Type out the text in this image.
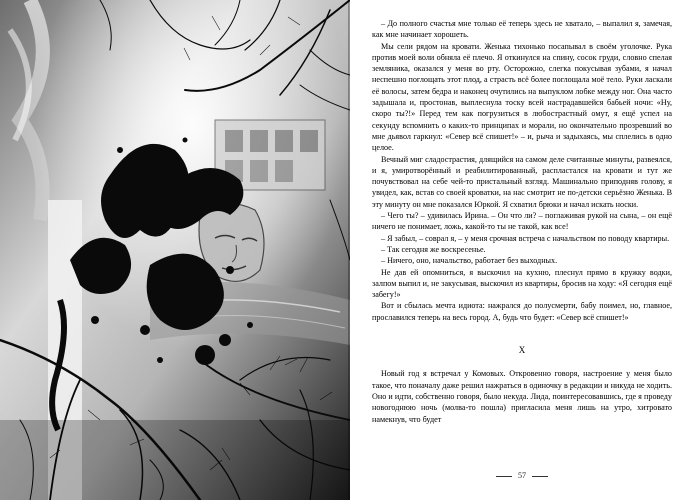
– До полного счастья мне только её теперь здесь не хватало, – выпалил я, замечая, как мне начинает хорошеть.

Мы сели рядом на кровати. Женька тихонько посапывал в своём уголочке. Рука против моей воли обняла её плечо. Я откинулся на спину, сосок груди, словно спелая земляника, оказался у меня во рту. Осторожно, слегка покусывая зубами, я начал неспешно поглощать этот плод, а страсть всё более поглощала моё тело. Руки ласкали её волосы, затем бедра и наконец очутились на выпуклом лобке между ног. Она часто задышала и, простонав, выплеснула тоску всей настрадавшейся бабьей ночи: «Ну, скоро ты?!» Перед тем как погрузиться в любострастный омут, я ещё успел на секунду вспомнить о каких-то принципах и морали, но окончательно прозревший во мне дьявол гаркнул: «Север всё спишет!» – и, рыча и задыхаясь, мы сплелись в одно целое.

Вечный миг сладострастия, длящийся на самом деле считанные минуты, развеялся, и я, умиротворённый и реабилитированный, распластался на кровати и тут же почувствовал на себе чей-то пристальный взгляд. Машинально приподняв голову, я увидел, как, встав со своей кроватки, на нас смотрит не по-детски серьёзно Женька. В эту минуту он мне показался Юркой. Я схватил брюки и начал искать носки.

– Чего ты? – удивилась Ирина. – Он что ли? – поглаживая рукой на сына, – он ещё ничего не понимает, ложь, какой-то ты не такой, как все!

– Я забыл, – соврал я, – у меня срочная встреча с начальством по поводу квартиры.

– Так сегодня же воскресенье.

– Ничего, оно, начальство, работает без выходных.

Не дав ей опомниться, я выскочил на кухню, плеснул прямо в кружку водки, залпом выпил и, не закусывая, выскочил из квартиры, бросив на ходу: «Я сегодня ещё забегу!»

Вот и сбылась мечта идиота: нажрался до полусмерти, бабу поимел, но, главное, прославился теперь на весь город. А, будь что будет: «Север всё спишет!»

Х

Новый год я встречал у Комовых. Откровенно говоря, настроение у меня было такое, что поначалу даже решил нажраться в одиночку в редакции и никуда не ходить. Оно и идти, собственно говоря, было некуда. Лида, поинтересовавшись, где я проведу новогоднюю ночь (молва-то пошла) пригласила меня лишь на утро, хитровато намекнув, что будет

57
